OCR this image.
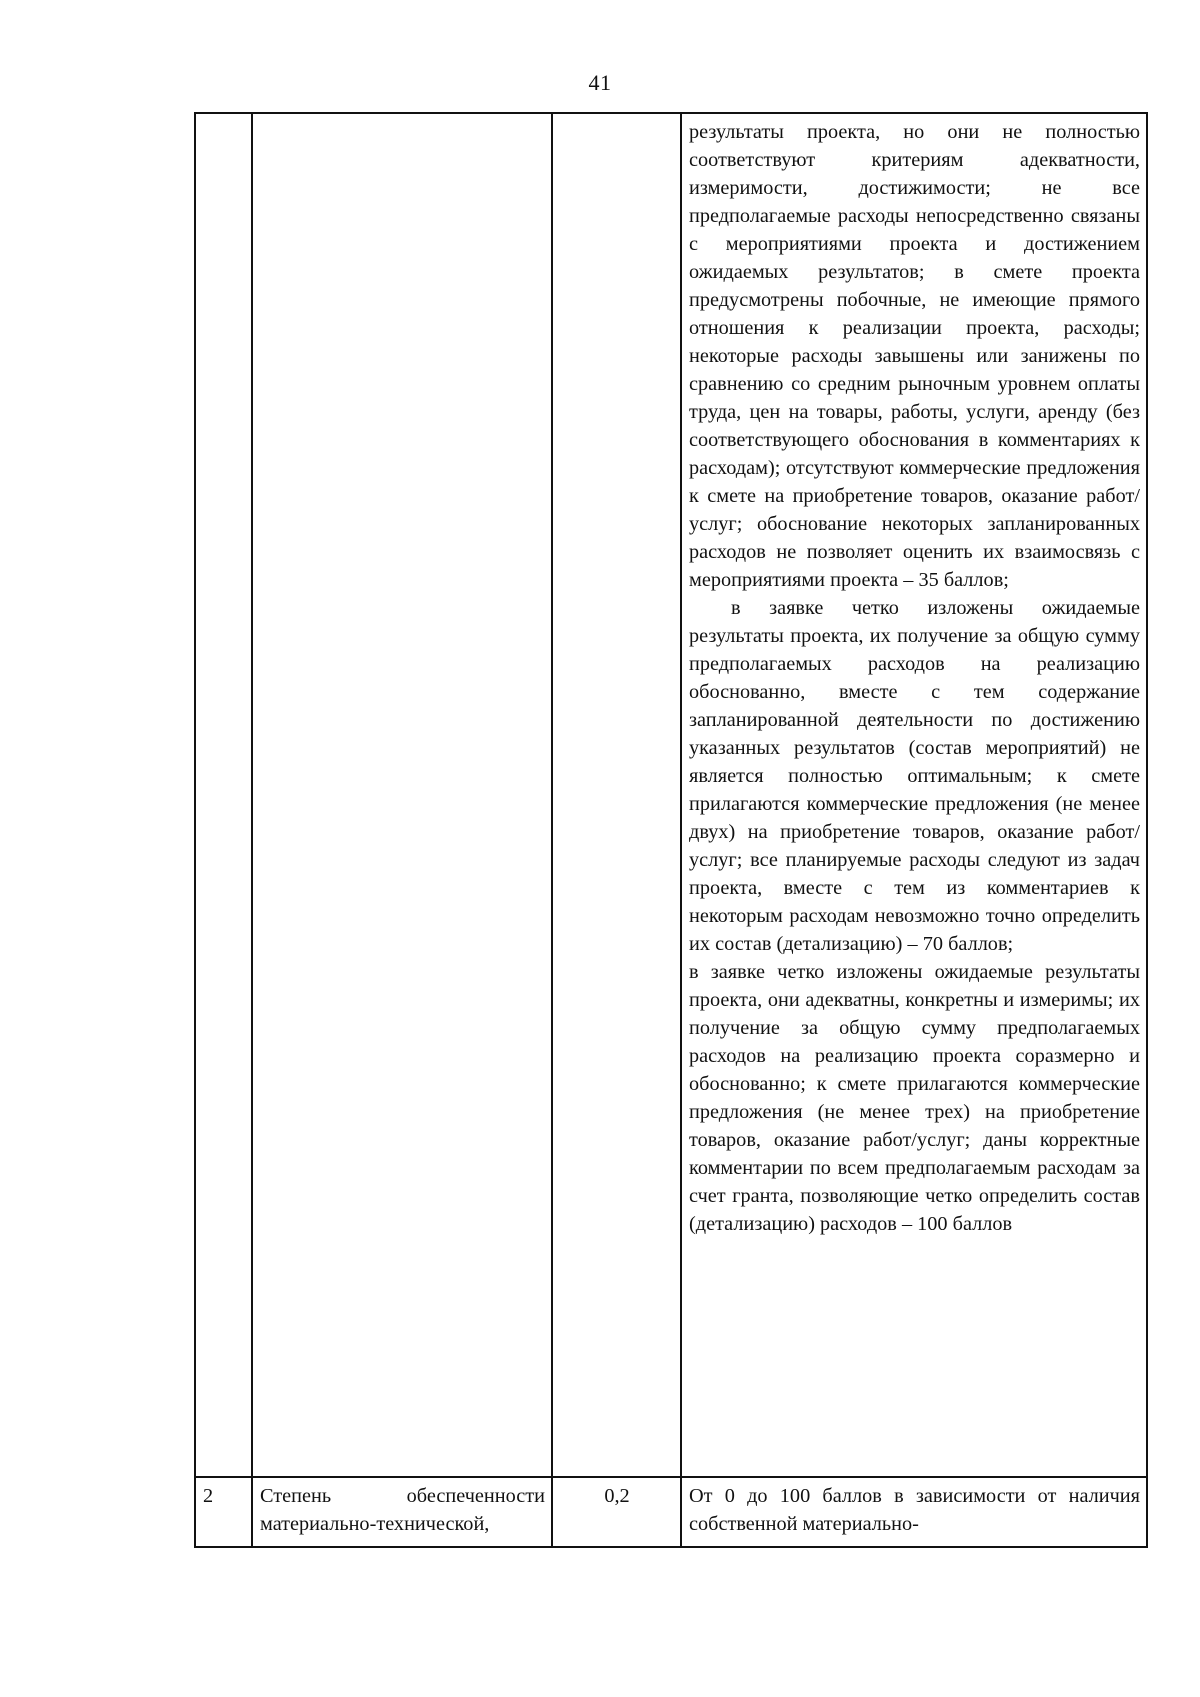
41

			результаты проекта, но они не полностью соответствуют критериям адекватности, измеримости, достижимости; не все предполагаемые расходы непосредственно связаны с мероприятиями проекта и достижением ожидаемых результатов; в смете проекта предусмотрены побочные, не имеющие прямого отношения к реализации проекта, расходы; некоторые расходы завышены или занижены по сравнению со средним рыночным уровнем оплаты труда, цен на товары, работы, услуги, аренду (без соответствующего обоснования в комментариях к расходам); отсутствуют коммерческие предложения к смете на приобретение товаров, оказание работ/услуг; обоснование некоторых запланированных расходов не позволяет оценить их взаимосвязь с мероприятиями проекта – 35 баллов;
в заявке четко изложены ожидаемые результаты проекта, их получение за общую сумму предполагаемых расходов на реализацию обоснованно, вместе с тем содержание запланированной деятельности по достижению указанных результатов (состав мероприятий) не является полностью оптимальным; к смете прилагаются коммерческие предложения (не менее двух) на приобретение товаров, оказание работ/услуг; все планируемые расходы следуют из задач проекта, вместе с тем из комментариев к некоторым расходам невозможно точно определить их состав (детализацию) – 70 баллов;
в заявке четко изложены ожидаемые результаты проекта, они адекватны, конкретны и измеримы; их получение за общую сумму предполагаемых расходов на реализацию проекта соразмерно и обоснованно; к смете прилагаются коммерческие предложения (не менее трех) на приобретение товаров, оказание работ/услуг; даны корректные комментарии по всем предполагаемым расходам за счет гранта, позволяющие четко определить состав (детализацию) расходов – 100 баллов

2	Степень обеспеченности материально-технической,	0,2	От 0 до 100 баллов в зависимости от наличия собственной материально-
